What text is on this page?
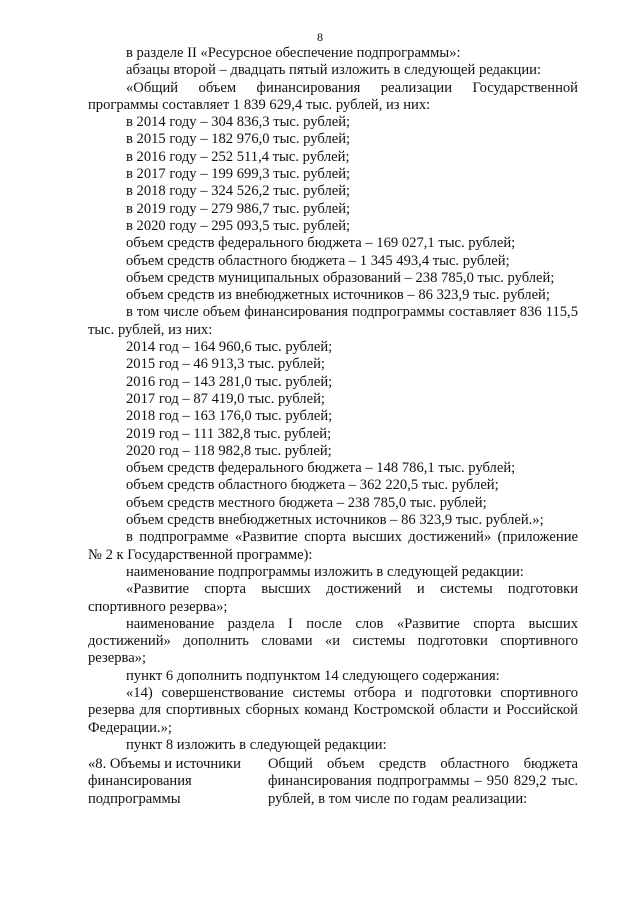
8

в разделе II «Ресурсное обеспечение подпрограммы»:

абзацы второй – двадцать пятый изложить в следующей редакции:

«Общий объем финансирования реализации Государственной программы составляет 1 839 629,4 тыс. рублей, из них:

в 2014 году – 304 836,3 тыс. рублей;

в 2015 году – 182 976,0 тыс. рублей;

в 2016 году – 252 511,4 тыс. рублей;

в 2017 году – 199 699,3 тыс. рублей;

в 2018 году – 324 526,2 тыс. рублей;

в 2019 году – 279 986,7 тыс. рублей;

в 2020 году – 295 093,5 тыс. рублей;

объем средств федерального бюджета – 169 027,1 тыс. рублей;

объем средств областного бюджета – 1 345 493,4 тыс. рублей;

объем средств муниципальных образований – 238 785,0 тыс. рублей;

объем средств из внебюджетных источников – 86 323,9 тыс. рублей;

в том числе объем финансирования подпрограммы составляет 836 115,5 тыс. рублей, из них:

2014 год – 164 960,6 тыс. рублей;

2015 год – 46 913,3 тыс. рублей;

2016 год – 143 281,0 тыс. рублей;

2017 год – 87 419,0 тыс. рублей;

2018 год – 163 176,0 тыс. рублей;

2019 год – 111 382,8 тыс. рублей;

2020 год – 118 982,8 тыс. рублей;

объем средств федерального бюджета – 148 786,1 тыс. рублей;

объем средств областного бюджета – 362 220,5 тыс. рублей;

объем средств местного бюджета – 238 785,0 тыс. рублей;

объем средств внебюджетных источников – 86 323,9 тыс. рублей.»;

в подпрограмме «Развитие спорта высших достижений» (приложение № 2 к Государственной программе):

наименование подпрограммы изложить в следующей редакции:

«Развитие спорта высших достижений и системы подготовки спортивного резерва»;

наименование раздела I после слов «Развитие спорта высших достижений» дополнить словами «и системы подготовки спортивного резерва»;

пункт 6 дополнить подпунктом 14 следующего содержания:

«14) совершенствование системы отбора и подготовки спортивного резерва для спортивных сборных команд Костромской области и Российской Федерации.»;

пункт 8 изложить в следующей редакции:

«8. Объемы и источники финансирования подпрограммы
Общий объем средств областного бюджета финансирования подпрограммы – 950 829,2 тыс. рублей, в том числе по годам реализации:
